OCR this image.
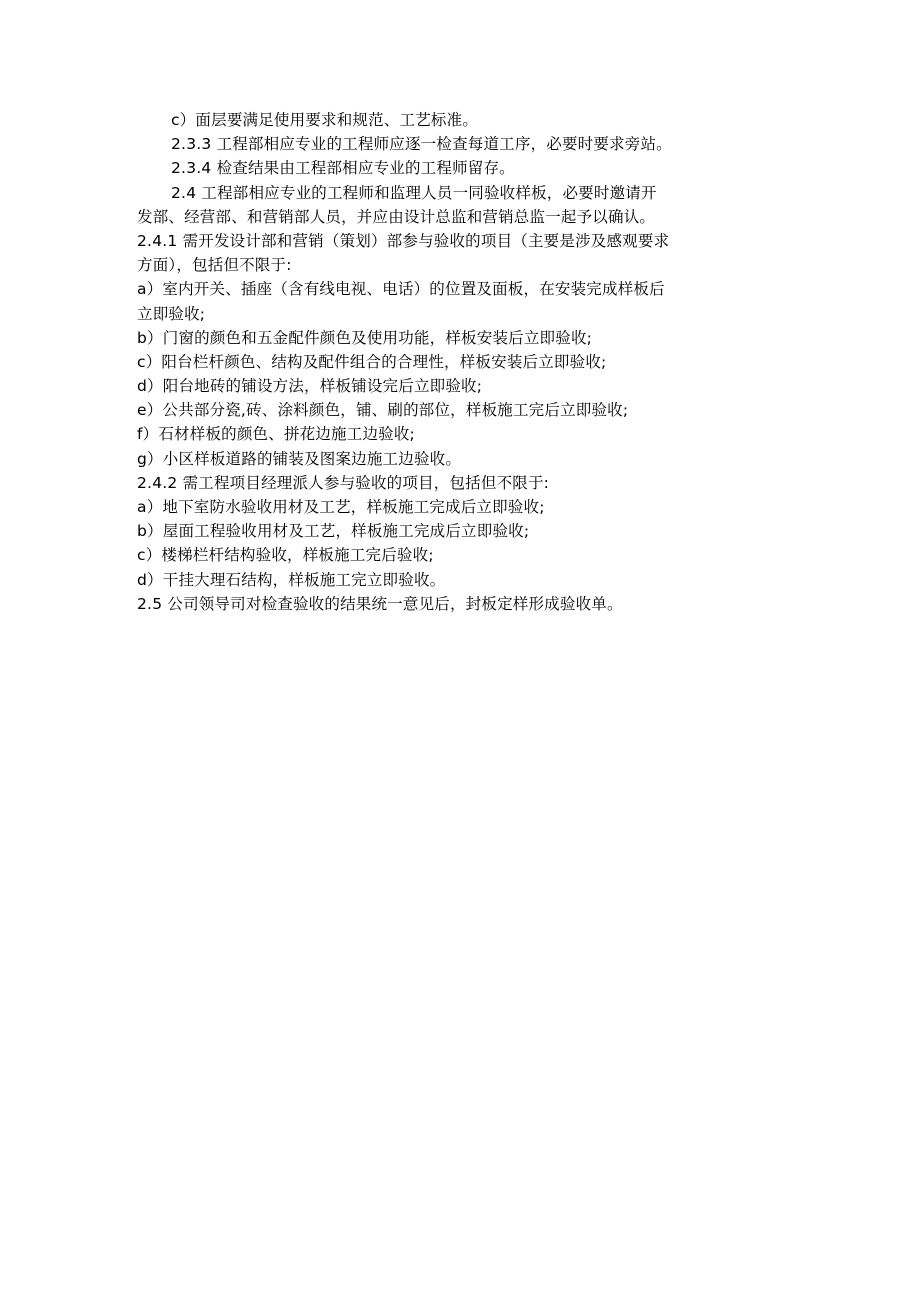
c）面层要满足使用要求和规范、工艺标准。
2.3.3 工程部相应专业的工程师应逐一检查每道工序，必要时要求旁站。
2.3.4 检查结果由工程部相应专业的工程师留存。
2.4 工程部相应专业的工程师和监理人员一同验收样板，必要时邀请开
发部、经营部、和营销部人员，并应由设计总监和营销总监一起予以确认。
2.4.1 需开发设计部和营销（策划）部参与验收的项目（主要是涉及感观要求
方面），包括但不限于:
a）室内开关、插座（含有线电视、电话）的位置及面板，在安装完成样板后
立即验收;
b）门窗的颜色和五金配件颜色及使用功能，样板安装后立即验收;
c）阳台栏杆颜色、结构及配件组合的合理性，样板安装后立即验收;
d）阳台地砖的铺设方法，样板铺设完后立即验收;
e）公共部分瓷,砖、涂料颜色，铺、刷的部位，样板施工完后立即验收;
f）石材样板的颜色、拼花边施工边验收;
g）小区样板道路的铺装及图案边施工边验收。
2.4.2 需工程项目经理派人参与验收的项目，包括但不限于:
a）地下室防水验收用材及工艺，样板施工完成后立即验收;
b）屋面工程验收用材及工艺，样板施工完成后立即验收;
c）楼梯栏杆结构验收，样板施工完后验收;
d）干挂大理石结构，样板施工完立即验收。
2.5 公司领导司对检查验收的结果统一意见后，封板定样形成验收单。
